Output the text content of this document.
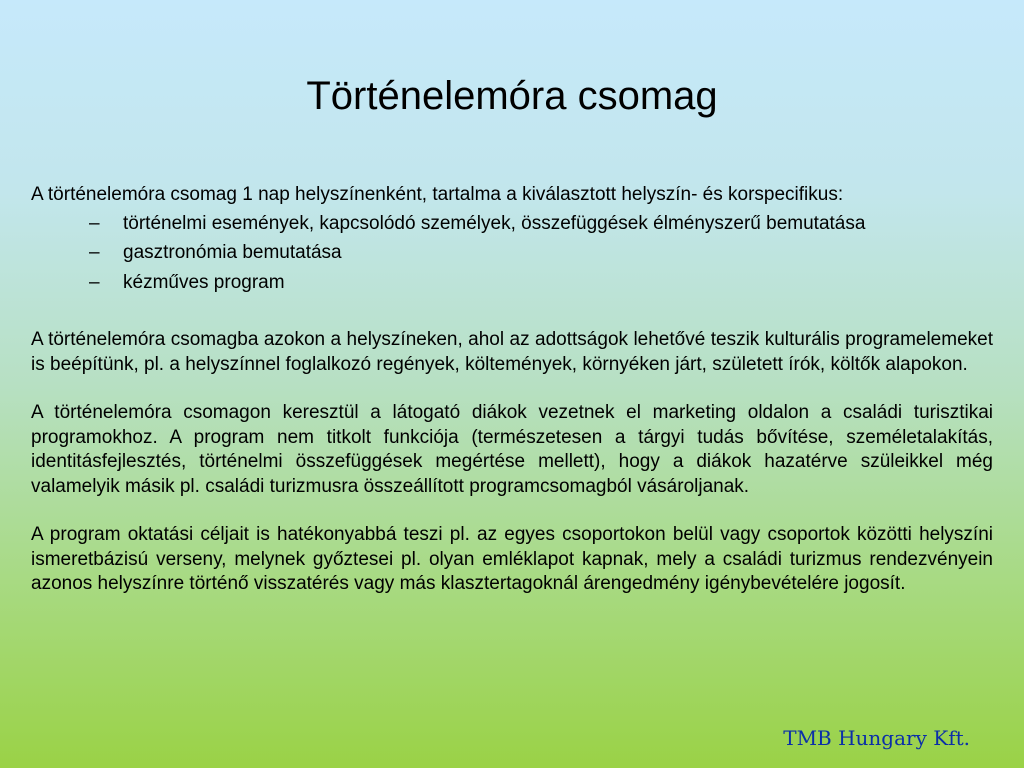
Történelemóra csomag

A történelemóra csomag 1 nap helyszínenként, tartalma a kiválasztott helyszín- és korspecifikus:

– történelmi események, kapcsolódó személyek, összefüggések élményszerű bemutatása
– gasztronómia bemutatása
– kézműves program

A történelemóra csomagba azokon a helyszíneken, ahol az adottságok lehetővé teszik kulturális programelemeket is beépítünk, pl. a helyszínnel foglalkozó regények, költemények, környéken járt, született írók, költők alapokon.

A történelemóra csomagon keresztül a látogató diákok vezetnek el marketing oldalon a családi turisztikai programokhoz. A program nem titkolt funkciója (természetesen a tárgyi tudás bővítése, személetalakítás, identitásfejlesztés, történelmi összefüggések megértése mellett), hogy a diákok hazatérve szüleikkel még valamelyik másik pl. családi turizmusra összeállított programcsomagból vásároljanak.

A program oktatási céljait is hatékonyabbá teszi pl. az egyes csoportokon belül vagy csoportok közötti helyszíni ismeretbázisú verseny, melynek győztesei pl. olyan emléklapot kapnak, mely a családi turizmus rendezvényein azonos helyszínre történő visszatérés vagy más klasztertagoknál árengedmény igénybevételére jogosít.

TMB Hungary Kft.
